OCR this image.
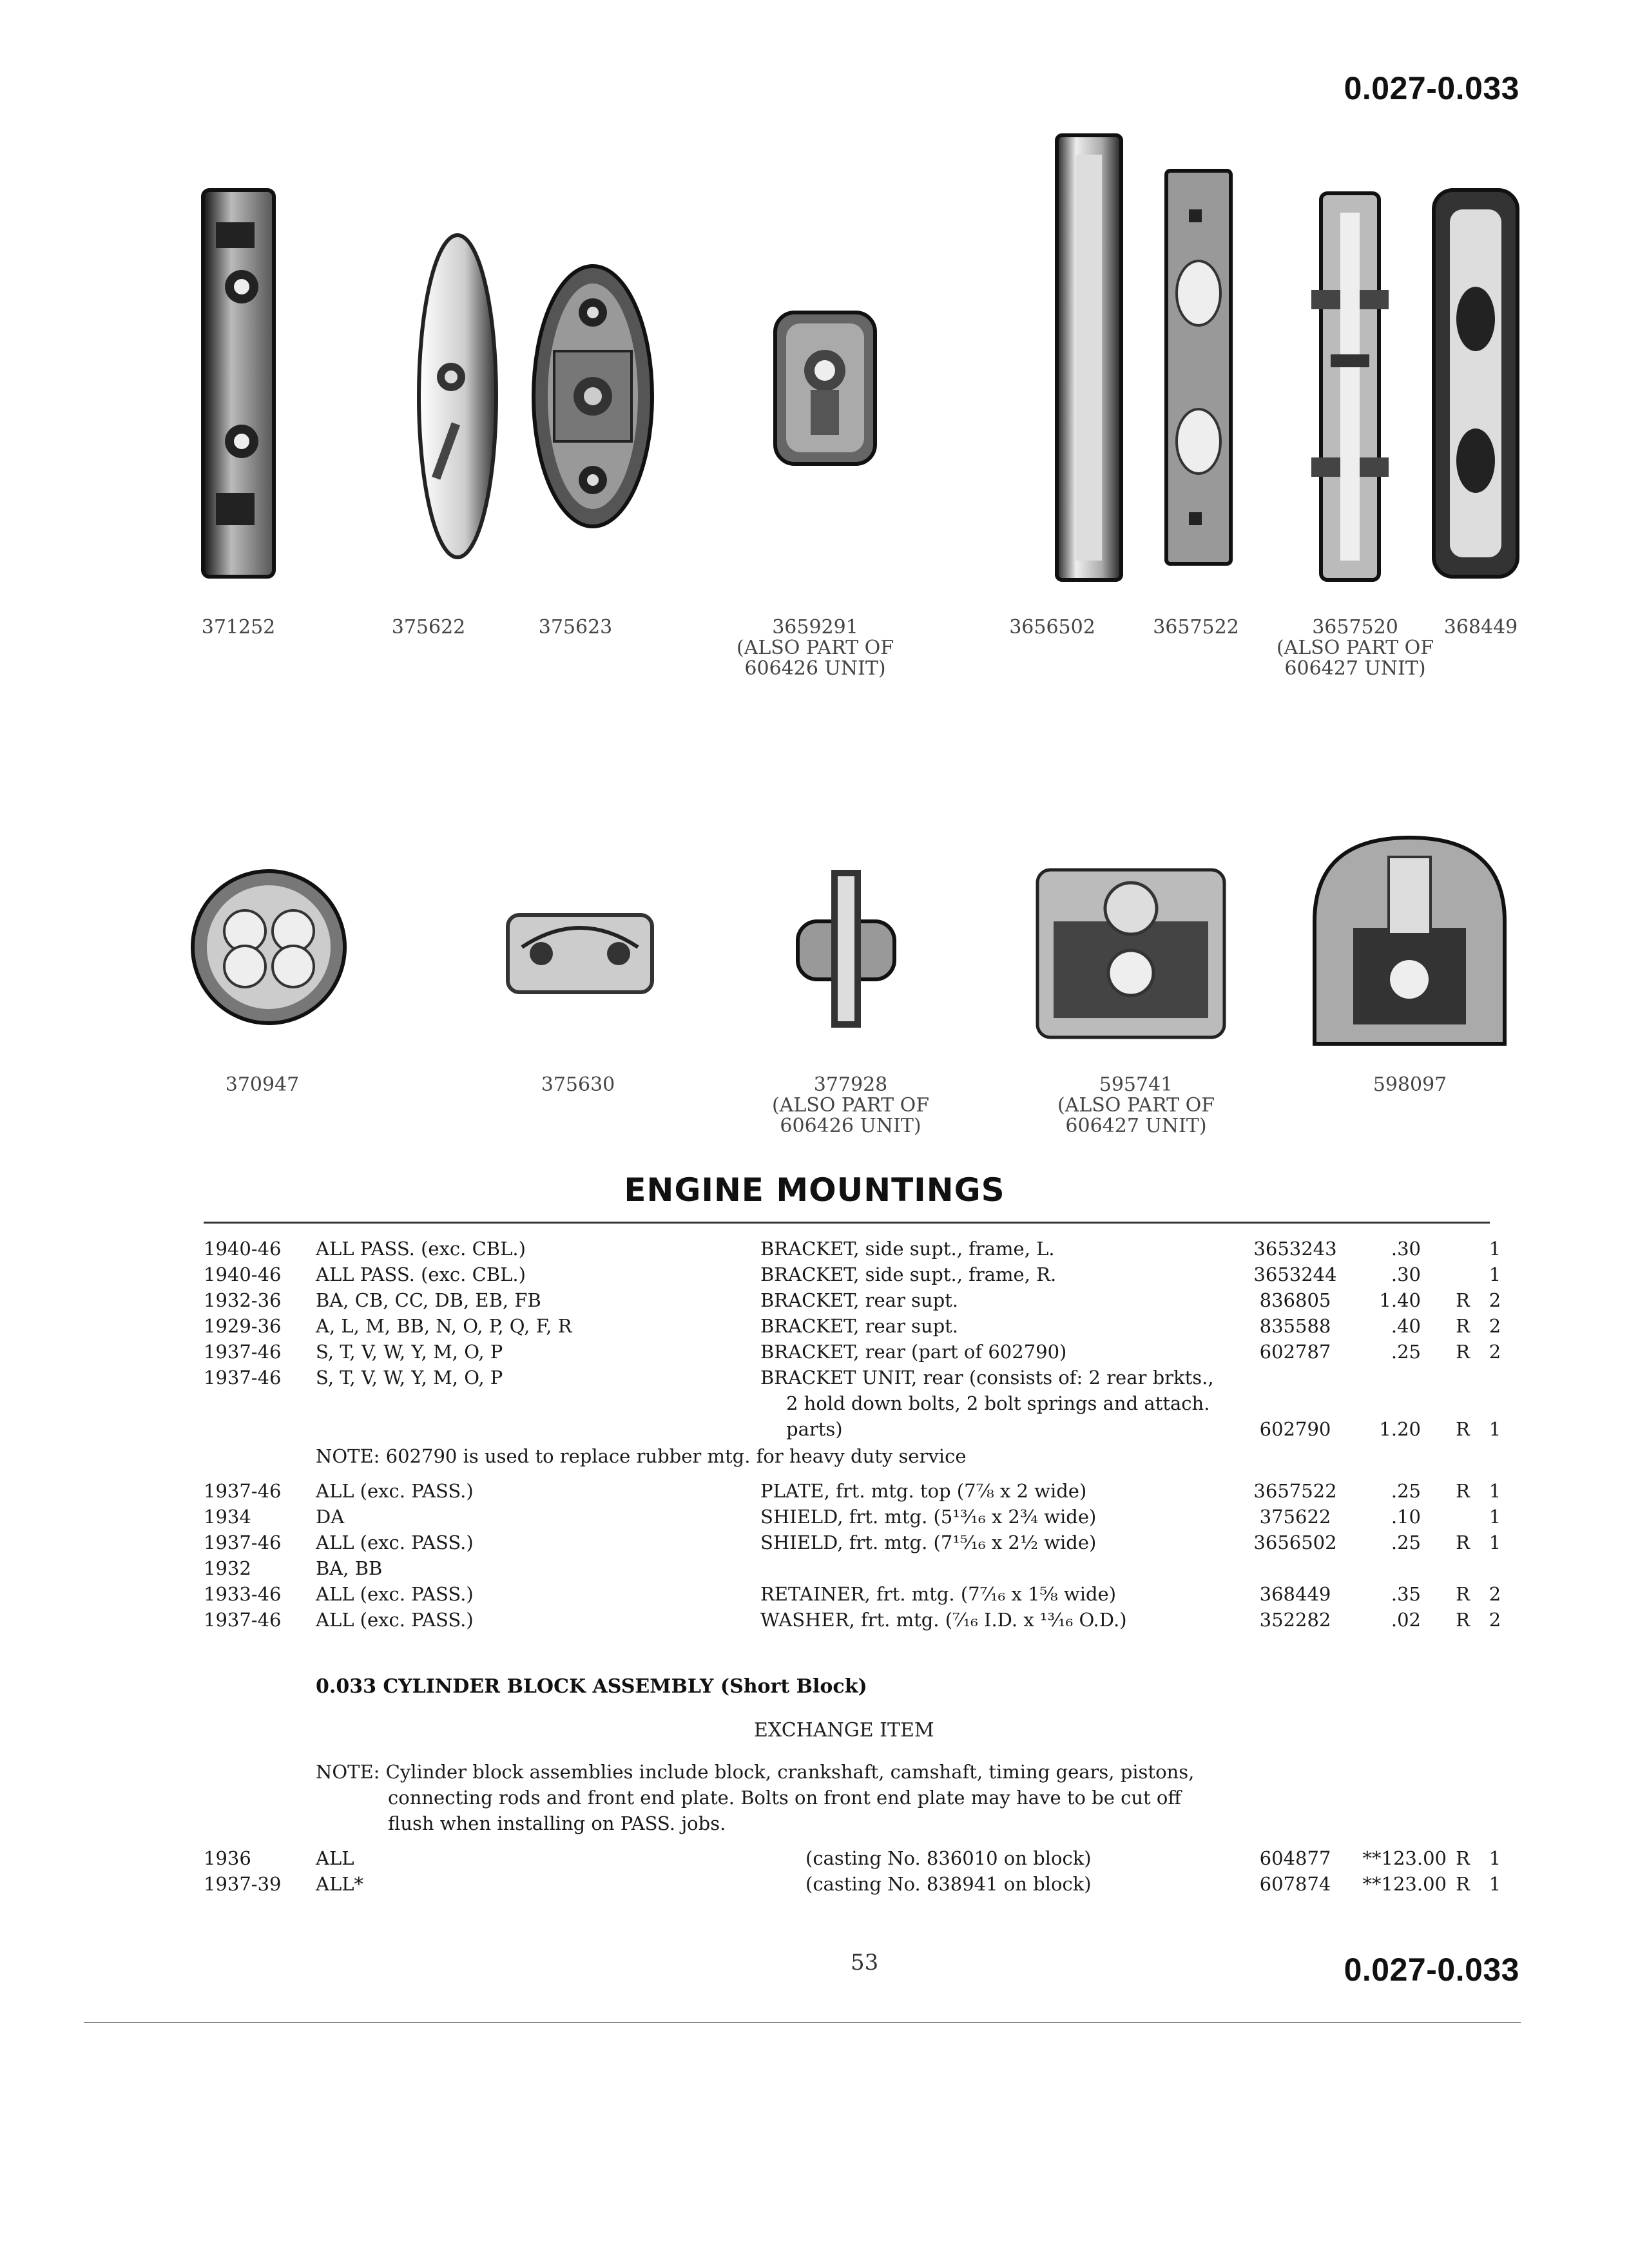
0.027-0.033
371252	375622	375623	3659291
(ALSO PART OF
606426 UNIT)
3656502	3657522	3657520
(ALSO PART OF
606427 UNIT)
368449
370947	375630	377928
(ALSO PART OF
606426 UNIT)
595741
(ALSO PART OF
606427 UNIT)
598097
ENGINE MOUNTINGS
1940-46 ALL PASS. (exc. CBL.)	BRACKET, side supt., frame, L.	3653243	.30	1
1940-46 ALL PASS. (exc. CBL.)	BRACKET, side supt., frame, R.	3653244	.30	1
1932-36 BA, CB, CC, DB, EB, FB	BRACKET, rear supt.	836805	1.40 R 2
1929-36 A, L, M, BB, N, O, P, Q, F, R	BRACKET, rear supt.	835588	.40 R 2
1937-46 S, T, V, W, Y, M, O, P	BRACKET, rear (part of 602790)	602787	.25 R 2
1937-46 S, T, V, W, Y, M, O, P	BRACKET UNIT, rear (consists of: 2 rear brkts.,
2 hold down bolts, 2 bolt springs and attach.
parts)	602790	1.20 R 1
NOTE: 602790 is used to replace rubber mtg. for heavy duty service
1937-46 ALL (exc. PASS.)	PLATE, frt. mtg. top (7⅞ x 2 wide)	3657522	.25 R 1
1934	DA	SHIELD, frt. mtg. (5¹³⁄₁₆ x 2¾ wide)	375622	.10	1
1937-46 ALL (exc. PASS.)	SHIELD, frt. mtg. (7¹⁵⁄₁₆ x 2½ wide)	3656502	.25 R 1
1932	BA, BB
1933-46 ALL (exc. PASS.)	RETAINER, frt. mtg. (7⁷⁄₁₆ x 1⅝ wide)	368449	.35 R 2
1937-46 ALL (exc. PASS.)	WASHER, frt. mtg. (⁷⁄₁₆ I.D. x ¹³⁄₁₆ O.D.)	352282	.02 R 2
0.033 CYLINDER BLOCK ASSEMBLY (Short Block)
EXCHANGE ITEM
NOTE: Cylinder block assemblies include block, crankshaft, camshaft, timing gears, pistons,
connecting rods and front end plate. Bolts on front end plate may have to be cut off
flush when installing on PASS. jobs.
1936	ALL	(casting No. 836010 on block)	604877	**123.00 R 1
1937-39 ALL*	(casting No. 838941 on block)	607874	**123.00 R 1
53	0.027-0.033
